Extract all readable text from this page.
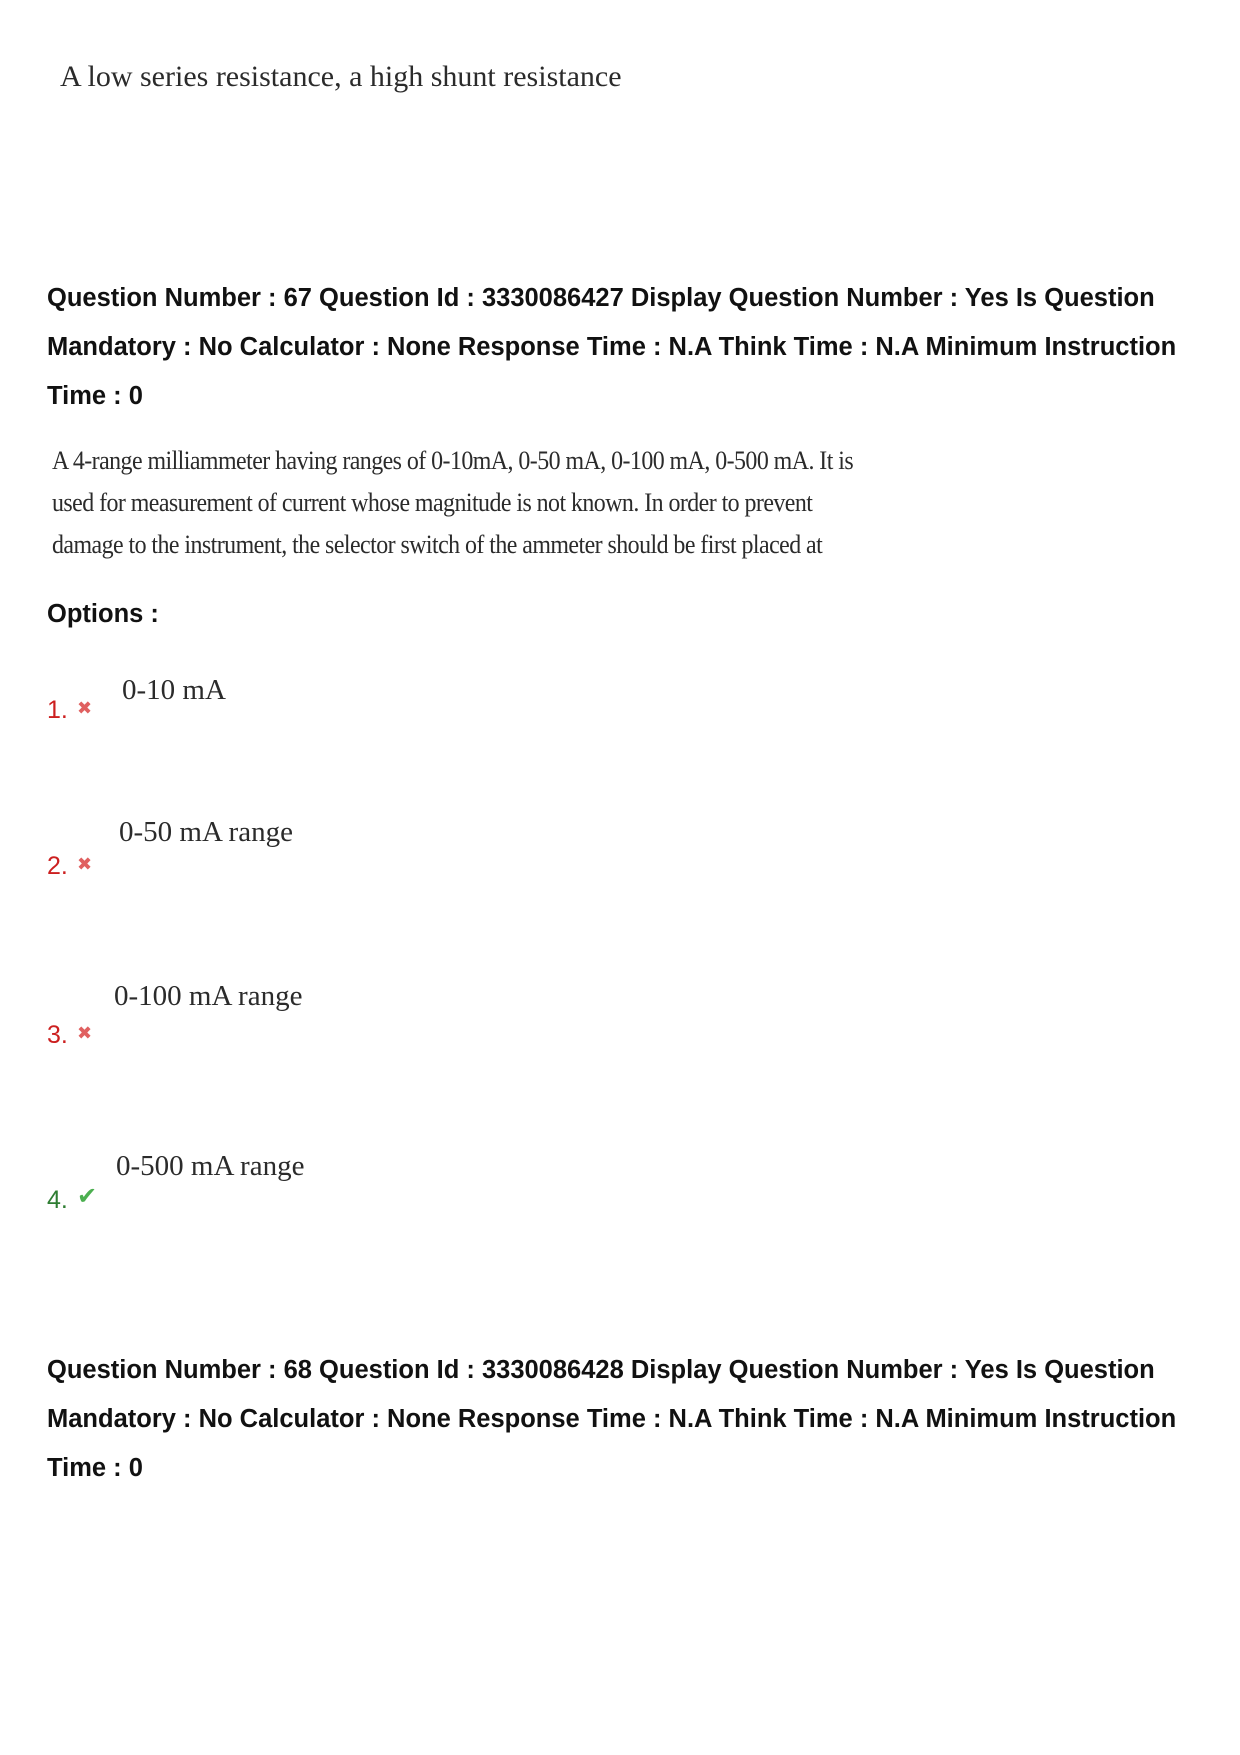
A low series resistance, a high shunt resistance
Question Number : 67 Question Id : 3330086427 Display Question Number : Yes Is Question Mandatory : No Calculator : None Response Time : N.A Think Time : N.A Minimum Instruction Time : 0
A 4-range milliammeter having ranges of 0-10mA, 0-50 mA, 0-100 mA, 0-500 mA. It is used for measurement of current whose magnitude is not known. In order to prevent damage to the instrument, the selector switch of the ammeter should be first placed at
Options :
1. ✖
0-10 mA
2. ✖
0-50 mA range
3. ✖
0-100 mA range
4. ✔
0-500 mA range
Question Number : 68 Question Id : 3330086428 Display Question Number : Yes Is Question Mandatory : No Calculator : None Response Time : N.A Think Time : N.A Minimum Instruction Time : 0
